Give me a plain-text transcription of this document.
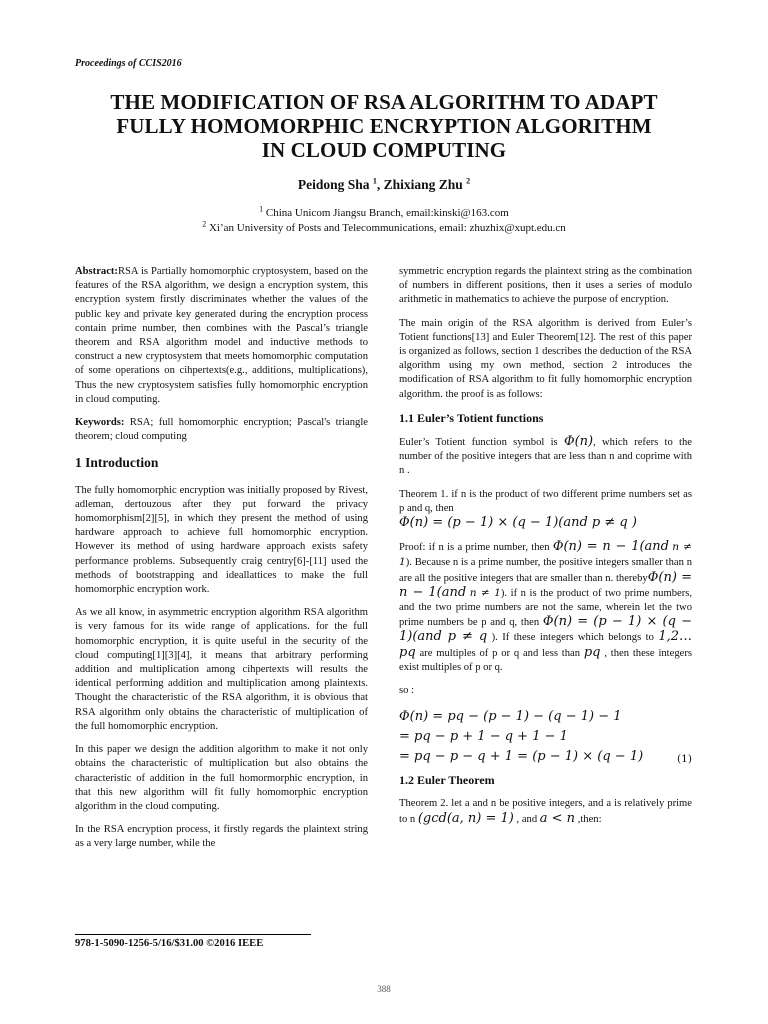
Proceedings of CCIS2016
THE MODIFICATION OF RSA ALGORITHM TO ADAPT
FULLY HOMOMORPHIC ENCRYPTION ALGORITHM
IN CLOUD COMPUTING
Peidong Sha $^1$, Zhixiang Zhu $^2$
$^1$ China Unicom Jiangsu Branch, email:kinski@163.com
$^2$ Xi’an University of Posts and Telecommunications, email: zhuzhix@xupt.edu.cn

Abstract:RSA is Partially homomorphic cryptosystem, based on the features of the RSA algorithm, we design a encryption system, this encryption system firstly discriminates whether the values of the public key and private key generated during the encryption process contain prime number, then combines with the Pascal’s triangle theorem and RSA algorithm model and inductive methods to construct a new cryptosystem that meets homomorphic computation of some operations on cihpertexts(e.g., additions, multiplications), Thus the new cryptosystem satisfies fully homomorphic encryption in cloud computing.

Keywords: RSA; full homomorphic encryption; Pascal's triangle theorem; cloud computing

1 Introduction

The fully homomorphic encryption was initially proposed by Rivest, adleman, dertouzous after they put forward the privacy homomorphism[2][5], in which they present the method of using hardware approach to achieve full homomorphic encryption. However its method of using hardware approach exists safety performance problems. Subsequently craig centry[6]-[11] used the methods of bootstrapping and ideallattices to make the full homomorphic encryption work.

As we all know, in asymmetric encryption algorithm RSA algorithm is very famous for its wide range of applications. for the full homomorphic encryption, it is quite useful in the security of the cloud computing[1][3][4], it means that arbitrary performing addition and multiplication among cihpertexts will results the identical performing addition and multiplication among plaintexts. Thought the characteristic of the RSA algorithm, it is obvious that RSA algorithm only obtains the characteristic of multiplication of the full homomorphic encryption.

In this paper we design the addition algorithm to make it not only obtains the characteristic of multiplication but also obtains the characteristic of addition in the full homormorphic encryption, in that this new algorithm will fit fully homomorphic encryption algorithm in the cloud computing.

In the RSA encryption process, it firstly regards the plaintext string as a very large number, while the

symmetric encryption regards the plaintext string as the combination of numbers in different positions, then it uses a series of modulo arithmetic in mathematics to achieve the purpose of encryption.

The main origin of the RSA algorithm is derived from Euler’s Totient functions[13] and Euler Theorem[12]. The rest of this paper is organized as follows, section 1 describes the deduction of the RSA algorithm using my own method, section 2 introduces the modification of RSA algorithm to fit fully homomorphic encryption algorithm. the proof is as follows:

1.1 Euler’s Totient functions

Euler’s Totient function symbol is Φ(n), which refers to the number of the positive integers that are less than n and coprime with n .

Theorem 1. if n is the product of two different prime numbers set as p and q, then
Φ(n) = (p − 1) × (q − 1)(and p ≠ q )

Proof: if n is a prime number, then Φ(n) = n − 1(and n ≠ 1). Because n is a prime number, the positive integers smaller than n are all the positive integers that are smaller than n. therebyΦ(n) = n − 1(and n ≠ 1). if n is the product of two prime numbers, and the two prime numbers are not the same, wherein let the two prime numbers be p and q, then Φ(n) = (p − 1) × (q − 1)(and p ≠ q ). If these integers which belongs to 1,2… pq are multiples of p or q and less than pq , then these integers exist multiples of p or q.

so :

Φ(n) = pq − (p − 1) − (q − 1) − 1
= pq − p + 1 − q + 1 − 1
= pq − p − q + 1 = (p − 1) × (q − 1)	(1)
1.2 Euler Theorem

Theorem 2. let a and n be positive integers, and a is relatively prime to n (gcd(a, n) = 1) , and a < n ,then:

978-1-5090-1256-5/16/$31.00 ©2016 IEEE
388
